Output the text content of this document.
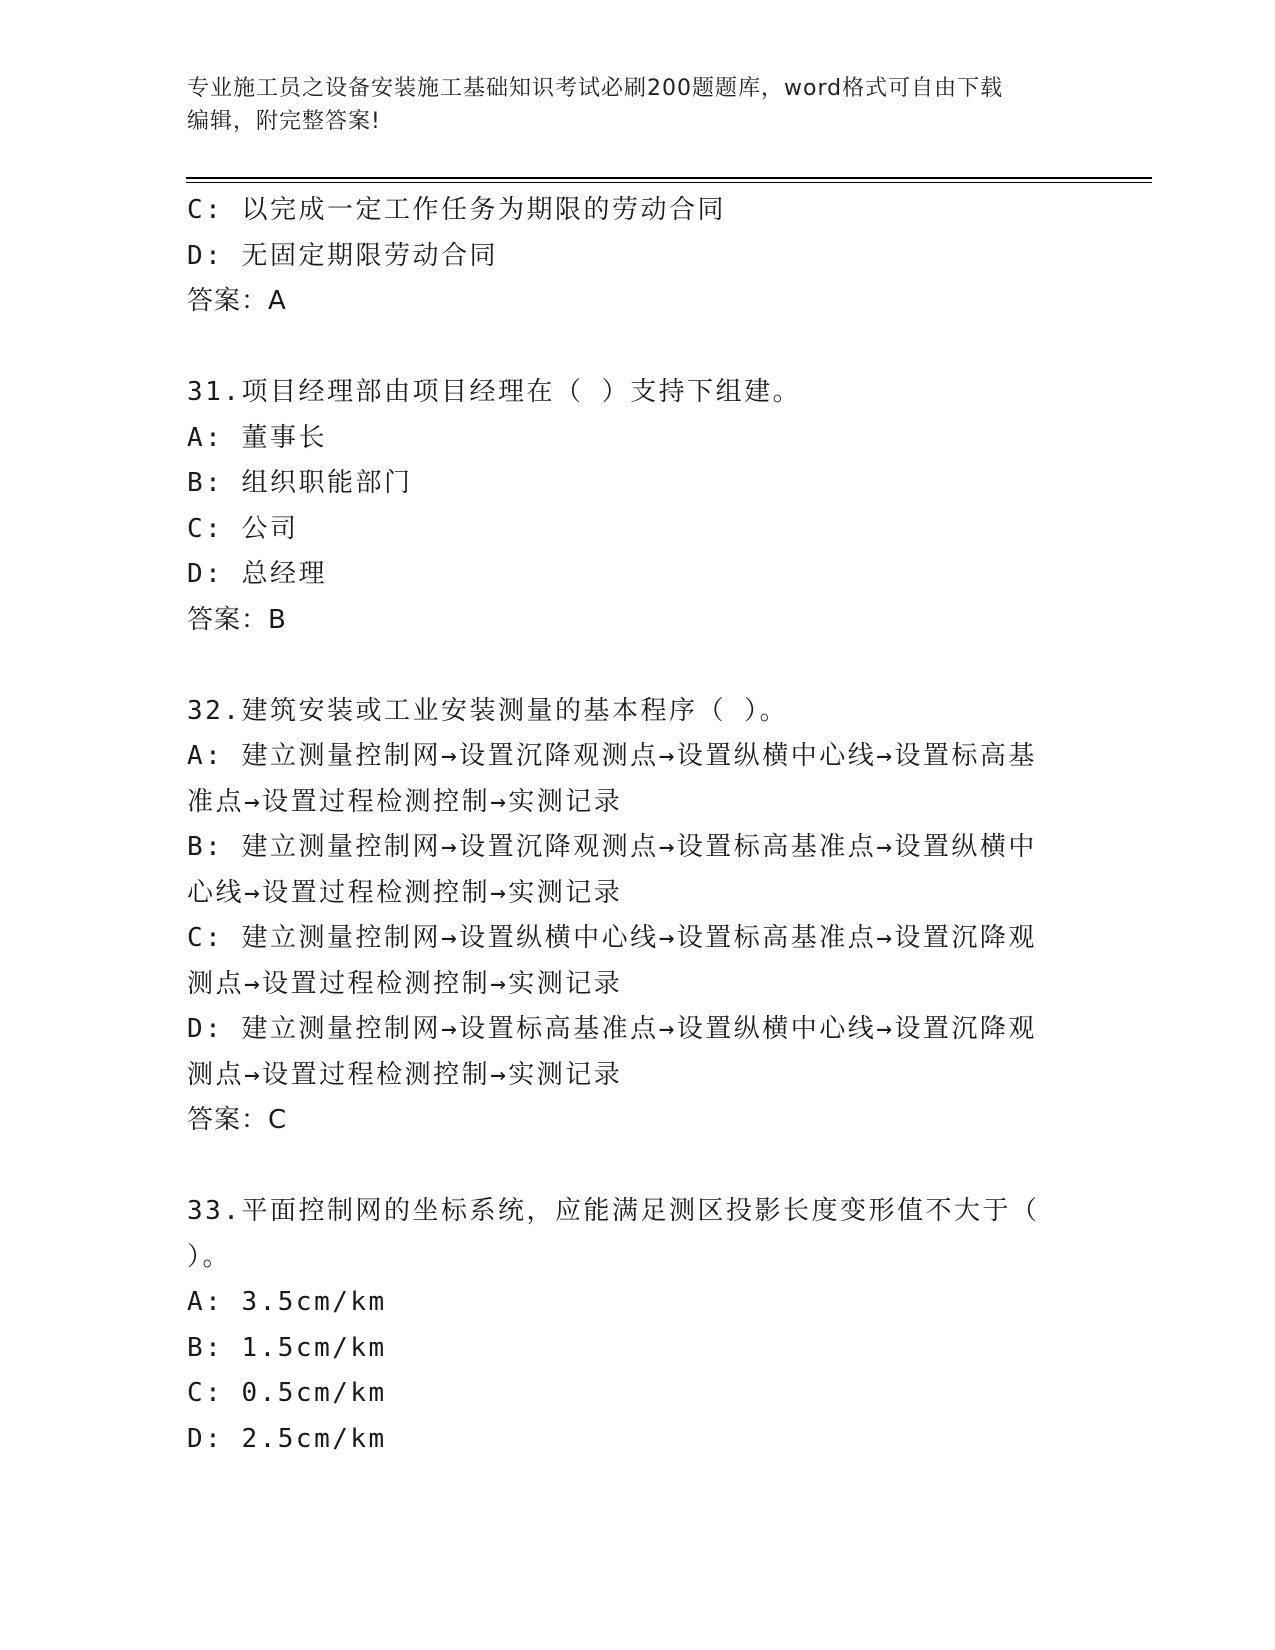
专业施工员之设备安装施工基础知识考试必刷200题题库，word格式可自由下载
编辑，附完整答案!
C: 以完成一定工作任务为期限的劳动合同
D: 无固定期限劳动合同
答案：A
31.项目经理部由项目经理在（ ）支持下组建。
A: 董事长
B: 组织职能部门
C: 公司
D: 总经理
答案：B
32.建筑安装或工业安装测量的基本程序（ ）。
A: 建立测量控制网→设置沉降观测点→设置纵横中心线→设置标高基
准点→设置过程检测控制→实测记录
B: 建立测量控制网→设置沉降观测点→设置标高基准点→设置纵横中
心线→设置过程检测控制→实测记录
C: 建立测量控制网→设置纵横中心线→设置标高基准点→设置沉降观
测点→设置过程检测控制→实测记录
D: 建立测量控制网→设置标高基准点→设置纵横中心线→设置沉降观
测点→设置过程检测控制→实测记录
答案：C
33.平面控制网的坐标系统，应能满足测区投影长度变形值不大于（
）。
A: 3.5cm/km
B: 1.5cm/km
C: 0.5cm/km
D: 2.5cm/km
